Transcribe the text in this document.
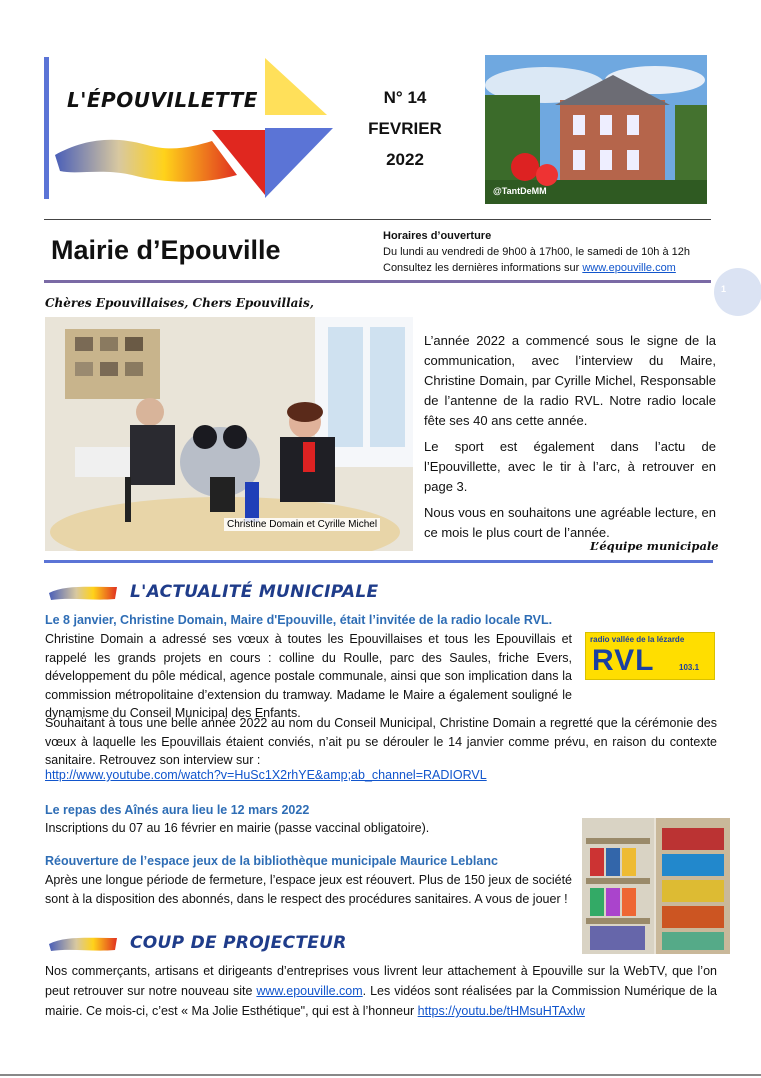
L'ÉPOUVILLETTE	N° 14
FEVRIER
2022
@TantDeMM
Mairie d’Epouville	Horaires d’ouverture
Du lundi au vendredi de 9h00 à 17h00, le samedi de 10h à 12h
Consultez les dernières informations sur www.epouville.com
1
Chères Epouvillaises, Chers Epouvillais,
Christine Domain et Cyrille Michel

L’année 2022 a commencé sous le signe de la communication, avec l’interview du Maire, Christine Domain, par Cyrille Michel, Responsable de l’antenne de la radio RVL. Notre radio locale fête ses 40 ans cette année.

Le sport est également dans l’actu de l’Epouvillette, avec le tir à l’arc, à retrouver en page 3.

Nous vous en souhaitons une agréable lecture, en ce mois le plus court de l’année.

L’équipe municipale
L'ACTUALITÉ MUNICIPALE
Le 8 janvier, Christine Domain, Maire d'Epouville, était l’invitée de la radio locale RVL.
Christine Domain a adressé ses vœux à toutes les Epouvillaises et tous les Epouvillais et rappelé les grands projets en cours : colline du Roulle, parc des Saules, friche Evers, développement du pôle médical, agence postale communale, ainsi que son implication dans la commission métropolitaine d’extension du tramway. Madame le Maire a également souligné le dynamisme du Conseil Municipal des Enfants.
radio vallée de la lézarde
RVL	103.1
Souhaitant à tous une belle année 2022 au nom du Conseil Municipal, Christine Domain a regretté que la cérémonie des vœux à laquelle les Epouvillais étaient conviés, n’ait pu se dérouler le 14 janvier comme prévu, en raison du contexte sanitaire. Retrouvez son interview sur :
http://www.youtube.com/watch?v=HuSc1X2rhYE&amp;ab_channel=RADIORVL
Le repas des Aînés aura lieu le 12 mars 2022
Inscriptions du 07 au 16 février en mairie (passe vaccinal obligatoire).
Réouverture de l’espace jeux de la bibliothèque municipale Maurice Leblanc
Après une longue période de fermeture, l’espace jeux est réouvert. Plus de 150 jeux de société sont à la disposition des abonnés, dans le respect des procédures sanitaires. A vous de jouer !
COUP DE PROJECTEUR
Nos commerçants, artisans et dirigeants d’entreprises vous livrent leur attachement à Epouville sur la WebTV, que l’on peut retrouver sur notre nouveau site www.epouville.com. Les vidéos sont réalisées par la Commission Numérique de la mairie. Ce mois-ci, c’est « Ma Jolie Esthétique", qui est à l’honneur https://youtu.be/tHMsuHTAxlw
